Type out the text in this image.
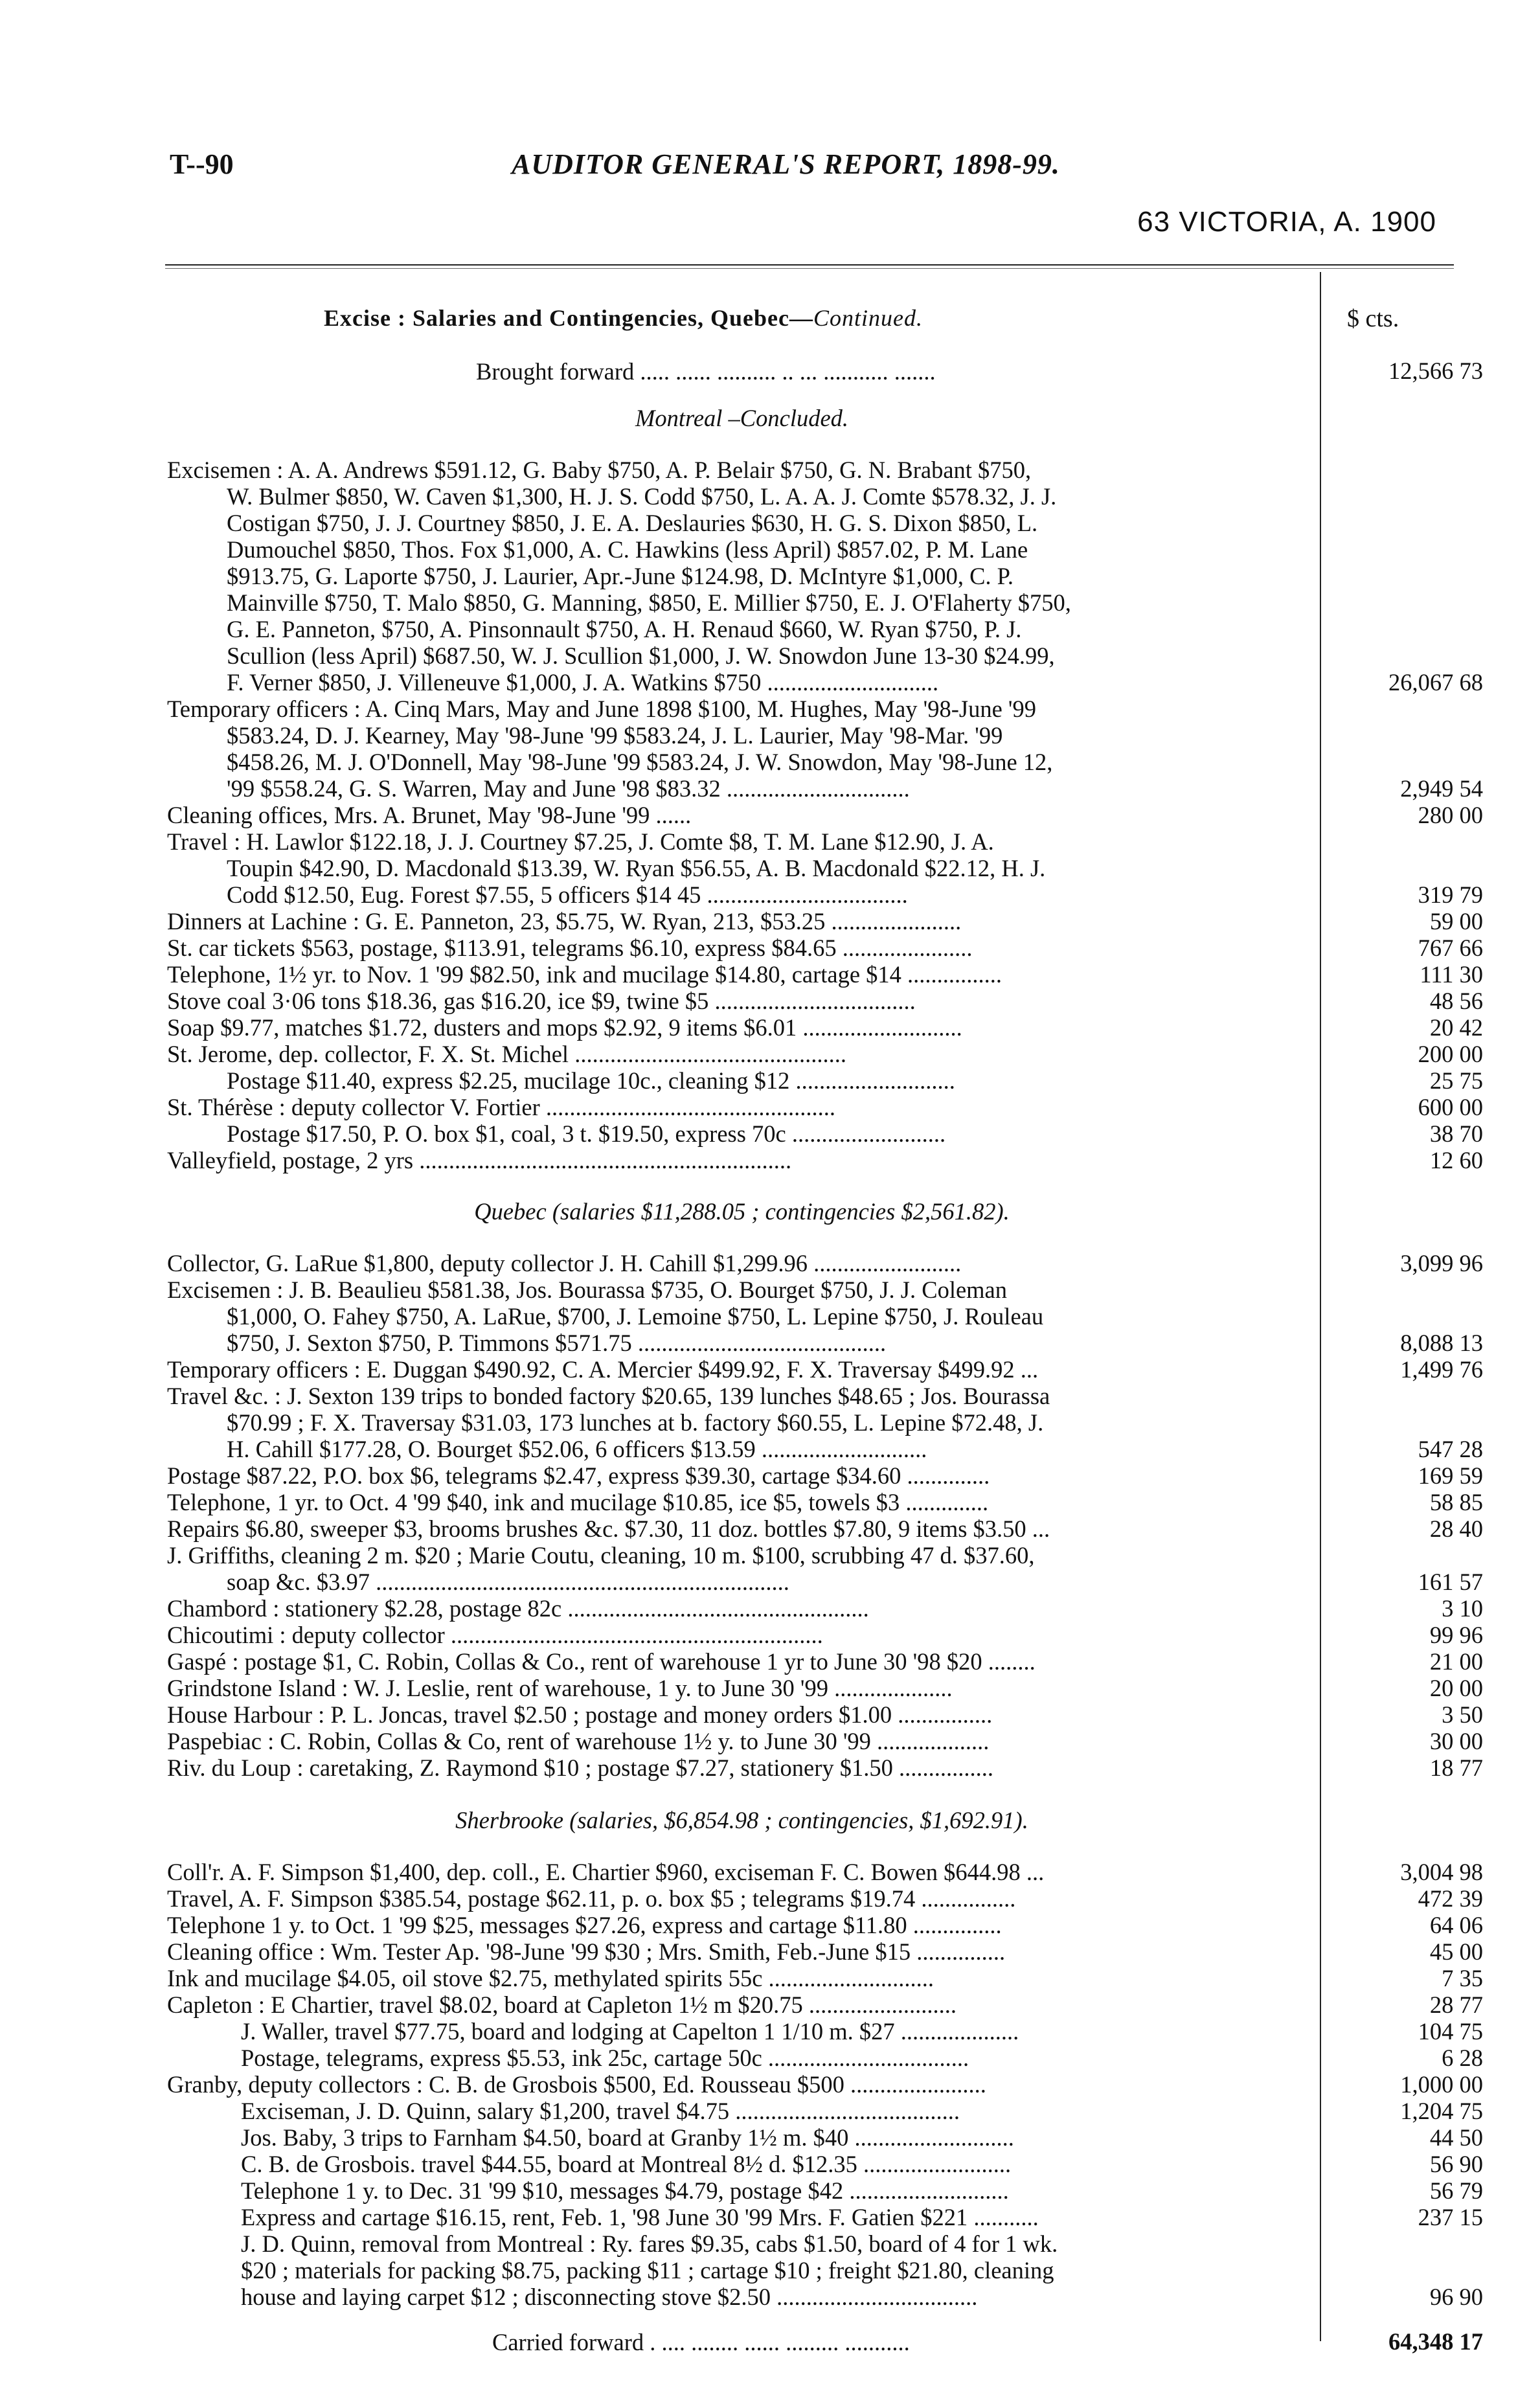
T--90	AUDITOR GENERAL'S REPORT, 1898-99.
63 VICTORIA, A. 1900
Excise : Salaries and Contingencies, Quebec—Continued.	$ cts.
Brought forward ..... ...... .......... .. ... ........... .......	12,566 73
Montreal –Concluded.
Excisemen : A. A. Andrews $591.12, G. Baby $750, A. P. Belair $750, G. N. Brabant $750,
W. Bulmer $850, W. Caven $1,300, H. J. S. Codd $750, L. A. A. J. Comte $578.32, J. J.
Costigan $750, J. J. Courtney $850, J. E. A. Deslauries $630, H. G. S. Dixon $850, L.
Dumouchel $850, Thos. Fox $1,000, A. C. Hawkins (less April) $857.02, P. M. Lane
$913.75, G. Laporte $750, J. Laurier, Apr.-June $124.98, D. McIntyre $1,000, C. P.
Mainville $750, T. Malo $850, G. Manning, $850, E. Millier $750, E. J. O'Flaherty $750,
G. E. Panneton, $750, A. Pinsonnault $750, A. H. Renaud $660, W. Ryan $750, P. J.
Scullion (less April) $687.50, W. J. Scullion $1,000, J. W. Snowdon June 13-30 $24.99,
F. Verner $850, J. Villeneuve $1,000, J. A. Watkins $750 .............................	26,067 68
Temporary officers : A. Cinq Mars, May and June 1898 $100, M. Hughes, May '98-June '99
$583.24, D. J. Kearney, May '98-June '99 $583.24, J. L. Laurier, May '98-Mar. '99
$458.26, M. J. O'Donnell, May '98-June '99 $583.24, J. W. Snowdon, May '98-June 12,
'99 $558.24, G. S. Warren, May and June '98 $83.32 ...............................	2,949 54
Cleaning offices, Mrs. A. Brunet, May '98-June '99 ......	280 00
Travel : H. Lawlor $122.18, J. J. Courtney $7.25, J. Comte $8, T. M. Lane $12.90, J. A.
Toupin $42.90, D. Macdonald $13.39, W. Ryan $56.55, A. B. Macdonald $22.12, H. J.
Codd $12.50, Eug. Forest $7.55, 5 officers $14 45 ..................................	319 79
Dinners at Lachine : G. E. Panneton, 23, $5.75, W. Ryan, 213, $53.25 ......................	59 00
St. car tickets $563, postage, $113.91, telegrams $6.10, express $84.65 ......................	767 66
Telephone, 1½ yr. to Nov. 1 '99 $82.50, ink and mucilage $14.80, cartage $14 ................	111 30
Stove coal 3·06 tons $18.36, gas $16.20, ice $9, twine $5 ..................................	48 56
Soap $9.77, matches $1.72, dusters and mops $2.92, 9 items $6.01 ...........................	20 42
St. Jerome, dep. collector, F. X. St. Michel ..............................................	200 00
Postage $11.40, express $2.25, mucilage 10c., cleaning $12 ...........................	25 75
St. Thérèse : deputy collector V. Fortier .................................................	600 00
Postage $17.50, P. O. box $1, coal, 3 t. $19.50, express 70c ..........................	38 70
Valleyfield, postage, 2 yrs ...............................................................	12 60
Quebec (salaries $11,288.05 ; contingencies $2,561.82).
Collector, G. LaRue $1,800, deputy collector J. H. Cahill $1,299.96 .........................	3,099 96
Excisemen : J. B. Beaulieu $581.38, Jos. Bourassa $735, O. Bourget $750, J. J. Coleman
$1,000, O. Fahey $750, A. LaRue, $700, J. Lemoine $750, L. Lepine $750, J. Rouleau
$750, J. Sexton $750, P. Timmons $571.75 ..........................................	8,088 13
Temporary officers : E. Duggan $490.92, C. A. Mercier $499.92, F. X. Traversay $499.92 ...	1,499 76
Travel &c. : J. Sexton 139 trips to bonded factory $20.65, 139 lunches $48.65 ; Jos. Bourassa
$70.99 ; F. X. Traversay $31.03, 173 lunches at b. factory $60.55, L. Lepine $72.48, J.
H. Cahill $177.28, O. Bourget $52.06, 6 officers $13.59 ............................	547 28
Postage $87.22, P.O. box $6, telegrams $2.47, express $39.30, cartage $34.60 ..............	169 59
Telephone, 1 yr. to Oct. 4 '99 $40, ink and mucilage $10.85, ice $5, towels $3 ..............	58 85
Repairs $6.80, sweeper $3, brooms brushes &c. $7.30, 11 doz. bottles $7.80, 9 items $3.50 ...	28 40
J. Griffiths, cleaning 2 m. $20 ; Marie Coutu, cleaning, 10 m. $100, scrubbing 47 d. $37.60,
soap &c. $3.97 ......................................................................	161 57
Chambord : stationery $2.28, postage 82c ...................................................	3 10
Chicoutimi : deputy collector ...............................................................	99 96
Gaspé : postage $1, C. Robin, Collas & Co., rent of warehouse 1 yr to June 30 '98 $20 ........	21 00
Grindstone Island : W. J. Leslie, rent of warehouse, 1 y. to June 30 '99 ....................	20 00
House Harbour : P. L. Joncas, travel $2.50 ; postage and money orders $1.00 ................	3 50
Paspebiac : C. Robin, Collas & Co, rent of warehouse 1½ y. to June 30 '99 ...................	30 00
Riv. du Loup : caretaking, Z. Raymond $10 ; postage $7.27, stationery $1.50 ................	18 77
Sherbrooke (salaries, $6,854.98 ; contingencies, $1,692.91).
Coll'r. A. F. Simpson $1,400, dep. coll., E. Chartier $960, exciseman F. C. Bowen $644.98 ...	3,004 98
Travel, A. F. Simpson $385.54, postage $62.11, p. o. box $5 ; telegrams $19.74 ................	472 39
Telephone 1 y. to Oct. 1 '99 $25, messages $27.26, express and cartage $11.80 ...............	64 06
Cleaning office : Wm. Tester Ap. '98-June '99 $30 ; Mrs. Smith, Feb.-June $15 ...............	45 00
Ink and mucilage $4.05, oil stove $2.75, methylated spirits 55c ............................	7 35
Capleton : E Chartier, travel $8.02, board at Capleton 1½ m $20.75 .........................	28 77
J. Waller, travel $77.75, board and lodging at Capelton 1 1/10 m. $27 ....................	104 75
Postage, telegrams, express $5.53, ink 25c, cartage 50c ..................................	6 28
Granby, deputy collectors : C. B. de Grosbois $500, Ed. Rousseau $500 .......................	1,000 00
Exciseman, J. D. Quinn, salary $1,200, travel $4.75 ......................................	1,204 75
Jos. Baby, 3 trips to Farnham $4.50, board at Granby 1½ m. $40 ...........................	44 50
C. B. de Grosbois. travel $44.55, board at Montreal 8½ d. $12.35 .........................	56 90
Telephone 1 y. to Dec. 31 '99 $10, messages $4.79, postage $42 ...........................	56 79
Express and cartage $16.15, rent, Feb. 1, '98 June 30 '99 Mrs. F. Gatien $221 ...........	237 15
J. D. Quinn, removal from Montreal : Ry. fares $9.35, cabs $1.50, board of 4 for 1 wk.
$20 ; materials for packing $8.75, packing $11 ; cartage $10 ; freight $21.80, cleaning
house and laying carpet $12 ; disconnecting stove $2.50 ..................................	96 90
Carried forward . .... ........ ...... ......... ...........	64,348 17
